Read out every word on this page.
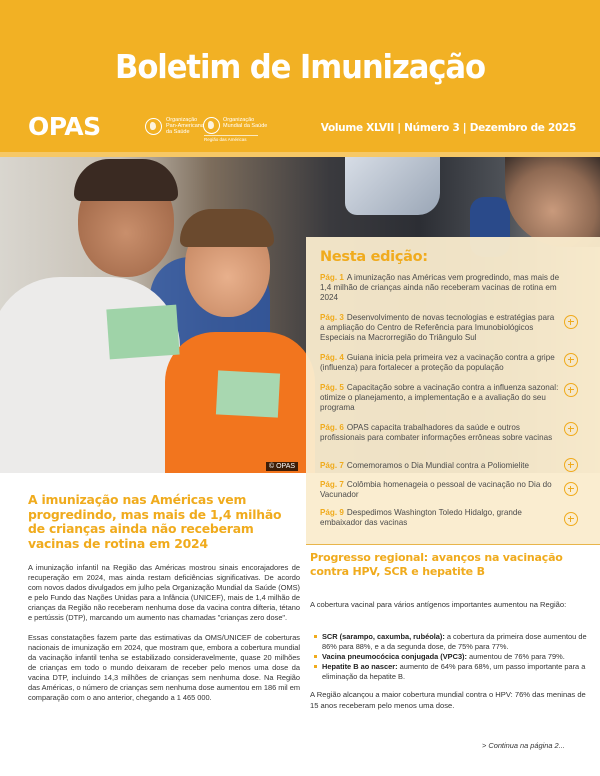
Boletim de Imunização
OPAS	Organização
Pan-Americana
da Saúde
Organização
Mundial da Saúde
Região das Américas
Volume XLVII | Número 3 | Dezembro de 2025
© OPAS
Nesta edição:
Pág. 1 A imunização nas Américas vem progredindo, mas mais de 1,4 milhão de crianças ainda não receberam vacinas de rotina em 2024
Pág. 3 Desenvolvimento de novas tecnologias e estratégias para a ampliação do Centro de Referência para Imunobiológicos Especiais na Macrorregião do Triângulo Sul
Pág. 4 Guiana inicia pela primeira vez a vacinação contra a gripe (influenza) para fortalecer a proteção da população
Pág. 5 Capacitação sobre a vacinação contra a influenza sazonal: otimize o planejamento, a implementação e a avaliação do seu programa
Pág. 6 OPAS capacita trabalhadores da saúde e outros profissionais para combater informações errôneas sobre vacinas
Pág. 7 Comemoramos o Dia Mundial contra a Poliomielite
Pág. 7 Colômbia homenageia o pessoal de vacinação no Dia do Vacunador
Pág. 9 Despedimos Washington Toledo Hidalgo, grande embaixador das vacinas
A imunização nas Américas vem progredindo, mas mais de 1,4 milhão de crianças ainda não receberam vacinas de rotina em 2024

A imunização infantil na Região das Américas mostrou sinais encorajadores de recuperação em 2024, mas ainda restam deficiências significativas. De acordo com novos dados divulgados em julho pela Organização Mundial da Saúde (OMS) e pelo Fundo das Nações Unidas para a Infância (UNICEF), mais de 1,4 milhão de crianças da Região não receberam nenhuma dose da vacina contra difteria, tétano e pertússis (DTP), marcando um aumento nas chamadas "crianças zero dose".

Essas constatações fazem parte das estimativas da OMS/UNICEF de coberturas nacionais de imunização em 2024, que mostram que, embora a cobertura mundial da vacinação infantil tenha se estabilizado consideravelmente, quase 20 milhões de crianças em todo o mundo deixaram de receber pelo menos uma dose da vacina DTP, incluindo 14,3 milhões de crianças sem nenhuma dose. Na Região das Américas, o número de crianças sem nenhuma dose aumentou em 186 mil em comparação com o ano anterior, chegando a 1 465 000.

Progresso regional: avanços na vacinação contra HPV, SCR e hepatite B
A cobertura vacinal para vários antígenos importantes aumentou na Região:
SCR (sarampo, caxumba, rubéola): a cobertura da primeira dose aumentou de 86% para 88%, e a da segunda dose, de 75% para 77%.
Vacina pneumocócica conjugada (VPC3): aumentou de 76% para 79%.
Hepatite B ao nascer: aumento de 64% para 68%, um passo importante para a eliminação da hepatite B.
A Região alcançou a maior cobertura mundial contra o HPV: 76% das meninas de 15 anos receberam pelo menos uma dose.
> Continua na página 2...
